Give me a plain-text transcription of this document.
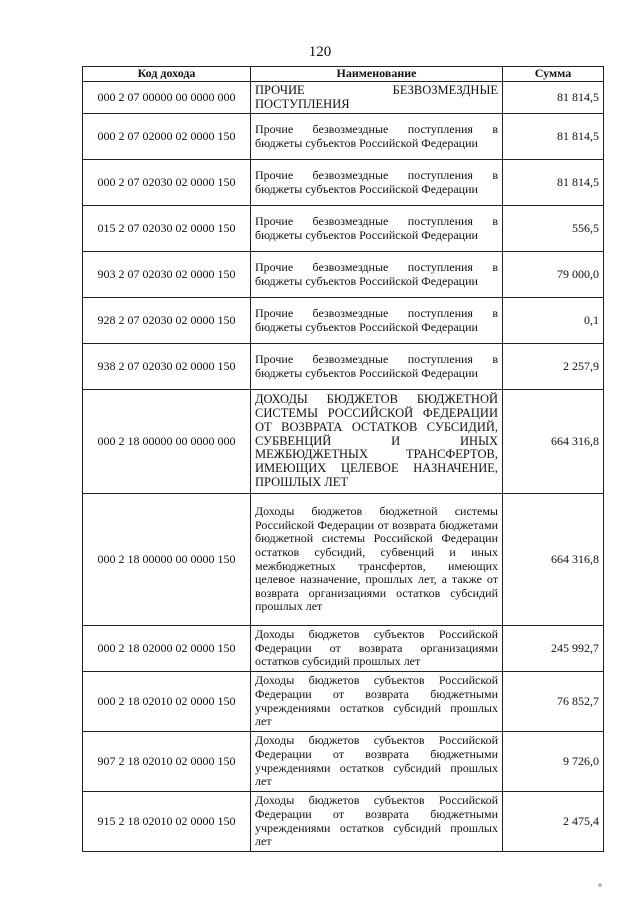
120
Код дохода	Наименование	Сумма
000 2 07 00000 00 0000 000	ПРОЧИЕ БЕЗВОЗМЕЗДНЫЕ ПОСТУПЛЕНИЯ	81 814,5
000 2 07 02000 02 0000 150	Прочие безвозмездные поступления в бюджеты субъектов Российской Федерации	81 814,5
000 2 07 02030 02 0000 150	Прочие безвозмездные поступления в бюджеты субъектов Российской Федерации	81 814,5
015 2 07 02030 02 0000 150	Прочие безвозмездные поступления в бюджеты субъектов Российской Федерации	556,5
903 2 07 02030 02 0000 150	Прочие безвозмездные поступления в бюджеты субъектов Российской Федерации	79 000,0
928 2 07 02030 02 0000 150	Прочие безвозмездные поступления в бюджеты субъектов Российской Федерации	0,1
938 2 07 02030 02 0000 150	Прочие безвозмездные поступления в бюджеты субъектов Российской Федерации	2 257,9
000 2 18 00000 00 0000 000	ДОХОДЫ БЮДЖЕТОВ БЮДЖЕТНОЙ СИСТЕМЫ РОССИЙСКОЙ ФЕДЕРАЦИИ ОТ ВОЗВРАТА ОСТАТКОВ СУБСИДИЙ, СУБВЕНЦИЙ И ИНЫХ МЕЖБЮДЖЕТНЫХ ТРАНСФЕРТОВ, ИМЕЮЩИХ ЦЕЛЕВОЕ НАЗНАЧЕНИЕ, ПРОШЛЫХ ЛЕТ	664 316,8
000 2 18 00000 00 0000 150	Доходы бюджетов бюджетной системы Российской Федерации от возврата бюджетами бюджетной системы Российской Федерации остатков субсидий, субвенций и иных межбюджетных трансфертов, имеющих целевое назначение, прошлых лет, а также от возврата организациями остатков субсидий прошлых лет	664 316,8
000 2 18 02000 02 0000 150	Доходы бюджетов субъектов Российской Федерации от возврата организациями остатков субсидий прошлых лет	245 992,7
000 2 18 02010 02 0000 150	Доходы бюджетов субъектов Российской Федерации от возврата бюджетными учреждениями остатков субсидий прошлых лет	76 852,7
907 2 18 02010 02 0000 150	Доходы бюджетов субъектов Российской Федерации от возврата бюджетными учреждениями остатков субсидий прошлых лет	9 726,0
915 2 18 02010 02 0000 150	Доходы бюджетов субъектов Российской Федерации от возврата бюджетными учреждениями остатков субсидий прошлых лет	2 475,4
